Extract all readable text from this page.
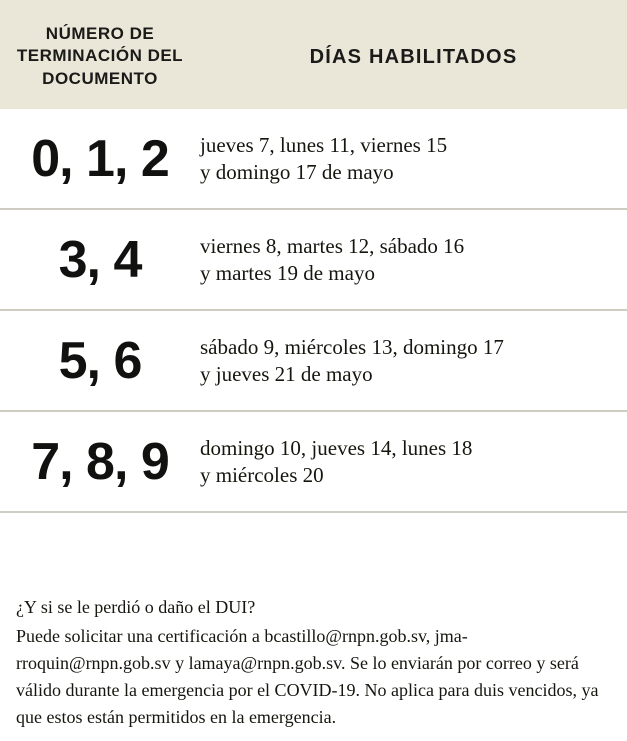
NÚMERO DE TERMINACIÓN DEL DOCUMENTO
DÍAS HABILITADOS
0, 1, 2 jueves 7, lunes 11, viernes 15
y domingo 17 de mayo
3, 4	viernes 8, martes 12, sábado 16
y martes 19 de mayo
5, 6	sábado 9, miércoles 13, domingo 17
y jueves 21 de mayo
7, 8, 9 domingo 10, jueves 14, lunes 18
y miércoles 20

¿Y si se le perdió o daño el DUI?

Puede solicitar una certificación a bcastillo@rnpn.gob.sv, jma-rroquin@rnpn.gob.sv y lamaya@rnpn.gob.sv. Se lo enviarán por correo y será válido durante la emergencia por el COVID-19. No aplica para duis vencidos, ya que estos están permitidos en la emergencia.
